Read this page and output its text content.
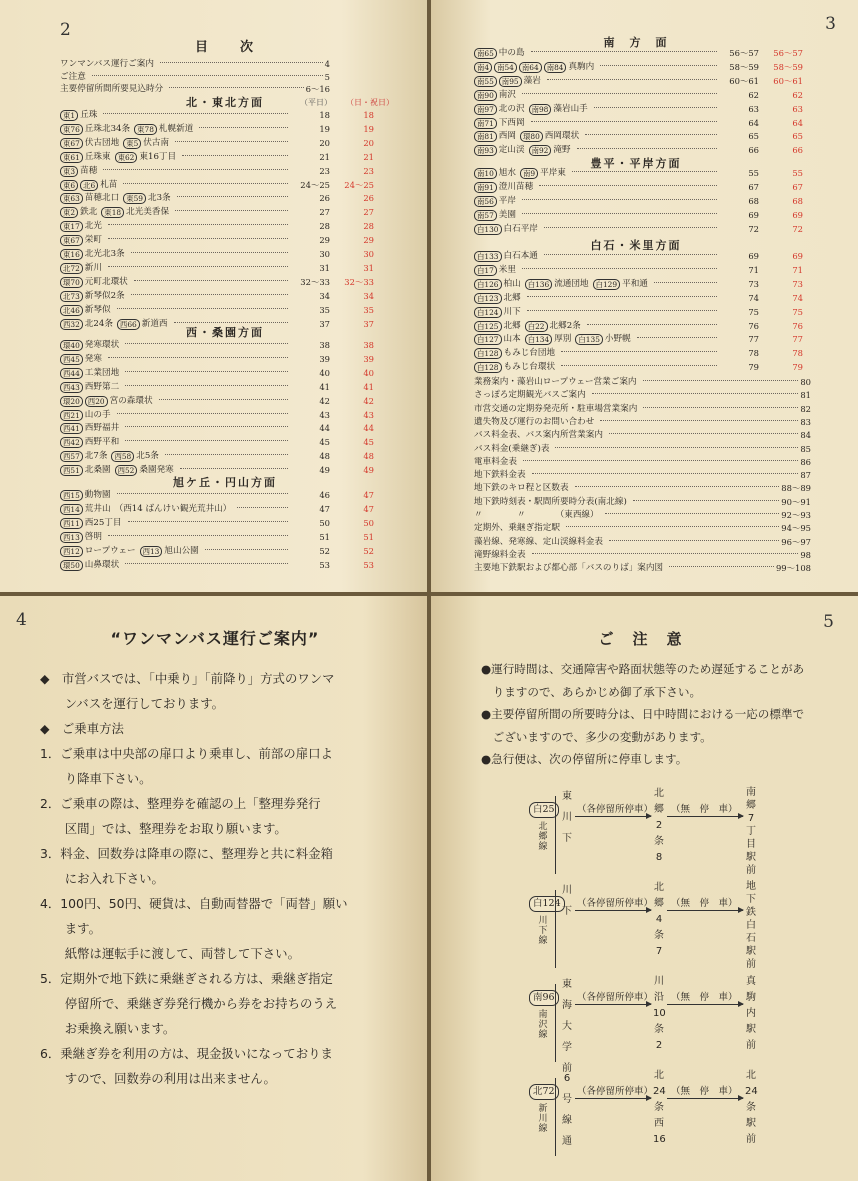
2
目　　次
ワンマンバス運行ご案内	4
ご注意	5
主要停留所間所要見込時分	6～16
北・東北方面	（平日） （日・祝日）
東1 丘珠	18	18
東76 丘珠北34条 東78 札幌新道	19	19
東67 伏古団地 東5 伏古南	20	20
東61 丘珠東 東62 東16丁目	21	21
東3 苗穂	23	23
東6	北6 札苗	24～25 24～25
東63 苗穂北口 東59 北3条	26	26
東2 鉄北 東18 北光美香保	27	27
東17 北光	28	28
東67 栄町	29	29
東16 北光北3条	30	30
北72 新川	31	31
環70 元町北環状	32～33 32～33
北73 新琴似2条	34	34
北46 新琴似	35	35
西32 北24条 西66 新道西	37	37
西・桑園方面
環40 発寒環状	38	38
西45 発寒	39	39
西44 工業団地	40	40
西43 西野第二	41	41
環20	西20 宮の森環状	42	42
西21 山の手	43	43
西41 西野福井	44	44
西42 西野平和	45	45
西57 北7条 西58 北5条	48	48
西51 北桑園 西52 桑園発寒	49	49
旭ケ丘・円山方面
西15 動物園	46	47
西14 荒井山 （西14 ばんけい観光荒井山）	47	47
西11 西25丁目	50	50
西13 啓明	51	51
西12 ロープウェー 西13 旭山公園	52	52
環50 山鼻環状	53	53
3
南　方　面
南65 中の島	56～57 56～57
南4	南54	南64	南84 真駒内	58～59 58～59
南55	南95 藻岩	60～61 60～61
南90 南沢	62	62
南97 北の沢 南98 藻岩山手	63	63
南71 下西岡	64	64
南81 西岡 環80 西岡環状	65	65
南93 定山渓 南92 滝野	66	66
豊平・平岸方面
南10 旭水 南9 平岸東	55	55
南91 澄川苗穂	67	67
南56 平岸	68	68
南57 美園	69	69
白130 白石平岸	72	72
白石・米里方面
白133 白石本通	69	69
白17 米里	71	71
白126 柏山 白136 流通団地 白129 平和通	73	73
白123 北郷	74	74
白124 川下	75	75
白125 北郷 白22 北郷2条	76	76
白127 山本 白134 厚別 白135 小野幌	77	77
白128 もみじ台団地	78	78
白128 もみじ台環状	79	79
業務案内・藻岩山ロープウェー営業ご案内	80
さっぽろ定期観光バスご案内	81
市営交通の定期券発売所・駐車場営業案内	82
遺失物及び運行のお問い合わせ	83
バス料金表、バス案内所営業案内	84
バス料金(乗継ぎ)表	85
電車料金表	86
地下鉄料金表	87
地下鉄のキロ程と区数表	88～89
地下鉄時刻表・駅間所要時分表(南北線)	90～91
〃　　　　〃　　　　（東西線）	92～93
定期外、乗継ぎ指定駅	94～95
藻岩線、発寒線、定山渓線料金表	96～97
滝野線料金表	98
主要地下鉄駅および都心部「バスのりば」案内図	99～108
4
“ワンマンバス運行ご案内”
◆　市営バスでは、「中乗り」「前降り」方式のワンマ
　　ンバスを運行しております。
◆　ご乗車方法
1．ご乗車は中央部の扉口より乗車し、前部の扉口よ
　　り降車下さい。
2．ご乗車の際は、整理券を確認の上「整理券発行
　　区間」では、整理券をお取り願います。
3．料金、回数券は降車の際に、整理券と共に料金箱
　　にお入れ下さい。
4．100円、50円、硬貨は、自動両替器で「両替」願い
　　ます。
　　紙幣は運転手に渡して、両替して下さい。
5．定期外で地下鉄に乗継ぎされる方は、乗継ぎ指定
　　停留所で、乗継ぎ券発行機から券をお持ちのうえ
　　お乗換え願います。
6．乗継ぎ券を利用の方は、現金扱いになっておりま
　　すので、回数券の利用は出来ません。
5
ご　注　意
●運行時間は、交通障害や路面状態等のため遅延することがあ
　りますので、あらかじめ御了承下さい。
●主要停留所間の所要時分は、日中時間における一応の標準で
　ございますので、多少の変動があります。
●急行便は、次の停留所に停車します。
白25
北郷線
東川下
北郷2条8
南郷7丁目駅前
（各停留所停車） （無　停　車）
白124
川下線
川下
北郷4条7
地下鉄白石駅前
（各停留所停車） （無　停　車）
南96
南沢線
東海大学前
川沿10条2
真駒内駅前
（各停留所停車） （無　停　車）
北72
新川線
6号線通
北24条西16
北24条駅前
（各停留所停車） （無　停　車）
